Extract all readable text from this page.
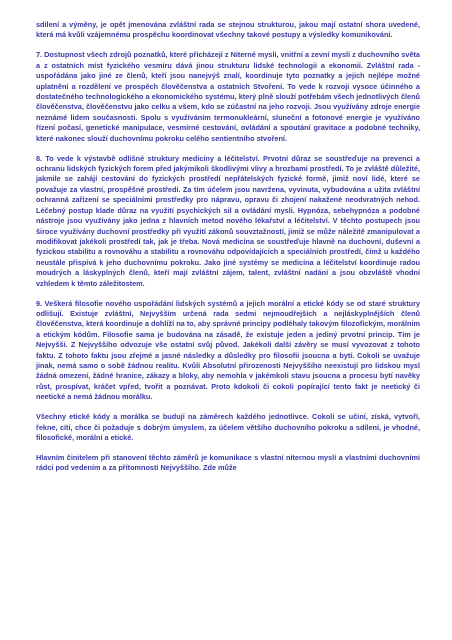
sdílení a výměny, je opět jmenována zvláštní rada se stejnou strukturou, jakou mají ostatní shora uvedené, která má kvůli vzájemnému prospěchu koordinovat všechny takové postupy a výsledky komunikování.

7. Dostupnost všech zdrojů poznatků, které přicházejí z Niterné mysli, vnitřní a zevní mysli z duchovního světa a z ostatních míst fyzického vesmíru dává jinou strukturu lidské technologii a ekonomii. Zvláštní rada - uspořádána jako jiné ze členů, kteří jsou nanejvýš znalí, koordinuje tyto poznatky a jejich nejlépe možné uplatnění a rozdělení ve prospěch člověčenstva a ostatních Stvoření. To vede k rozvoji vysoce účinného a dostatečného technologického a ekonomického systému, který plně slouží potřebám všech jednotlivých členů člověčenstva, člověčenstvu jako celku a všem, kdo se zúčastní na jeho rozvoji. Jsou využívány zdroje energie neznámé lidem současnosti. Spolu s využíváním termonukleární, sluneční a fotonové energie je využíváno řízení počasí, genetické manipulace, vesmírné cestování, ovládání a spoutání gravitace a podobné techniky, které nakonec slouží duchovnímu pokroku celého sentientního stvoření.

8. To vede k výstavbě odlišné struktury medicíny a léčitelství. Prvotní důraz se soustřeďuje na prevenci a ochranu lidských fyzických forem před jakýmikoli škodlivými vlivy a hrozbami prostředí. To je zvláště důležité, jakmile se zahájí cestování do fyzických prostředí nepřátelských fyzické formě, jimiž noví lidé, které se považuje za vlastní, prospěšné prostředí. Za tím účelem jsou navržena, vyvinuta, vybudována a užita zvláštní ochranná zařízení se speciálními prostředky pro nápravu, opravu či zhojení nakažené neodvratných nehod. Léčebný postup klade důraz na využití psychických sil a ovládání mysli. Hypnóza, sebehypnóza a podobné nástroje jsou využívány jako jedna z hlavních metod nového lékařství a léčitelství. V těchto postupech jsou široce využívány duchovní prostředky při využití zákonů souvztažností, jimiž se může náležitě zmanipulovat a modifikovat jakékoli prostředí tak, jak je třeba. Nová medicína se soustřeďuje hlavně na duchovní, duševní a fyzickou stabilitu a rovnováhu a stabilitu a rovnováhu odpovídajících a speciálních prostředí, čímž u každého neustále přispívá k jeho duchovnímu pokroku. Jako jiné systémy se medicína a léčitelství koordinuje radou moudrých a láskyplných členů, kteří mají zvláštní zájem, talent, zvláštní nadání a jsou obzvláště vhodní vzhledem k těmto záležitostem.

9. Veškerá filosofie nového uspořádání lidských systémů a jejich morální a etické kódy se od staré struktury odlišují. Existuje zvláštní, Nejvyšším určená rada sedmi nejmoudřejších a nejláskyplnějších členů člověčenstva, která koordinuje a dohlíží na to, aby správné principy podléhaly takovým filozofickým, morálním a etickým kódům. Filosofie sama je budována na zásadě, že existuje jeden a jediný prvotní princip. Tím je Nejvyšší. Z Nejvyššího odvozuje vše ostatní svůj původ. Jakékoli další závěry se musí vyvozovat z tohoto faktu. Z tohoto faktu jsou zřejmé a jasné následky a důsledky pro filosofii jsoucna a bytí. Cokoli se uvažuje jinak, nemá samo o sobě žádnou realitu. Kvůli Absolutní přirozenosti Nejvyššího neexistují pro lidskou mysl žádná omezení, žádné hranice, zákazy a bloky, aby nemohla v jakémkoli stavu jsoucna a procesu bytí navěky růst, prospívat, kráčet vpřed, tvořit a poznávat. Proto kdokoli či cokoli popírající tento fakt je neetický či neetické a nemá žádnou morálku.

Všechny etické kódy a morálka se budují na záměrech každého jednotlivce. Cokoli se učiní, získá, vytvoří, řekne, cítí, chce či požaduje s dobrým úmyslem, za účelem většího duchovního pokroku a sdílení, je vhodné, filosofické, morální a etické.

Hlavním činitelem při stanovení těchto záměrů je komunikace s vlastní niternou myslí a vlastními duchovními rádci pod vedením a za přítomnosti Nejvyššího. Zde může
